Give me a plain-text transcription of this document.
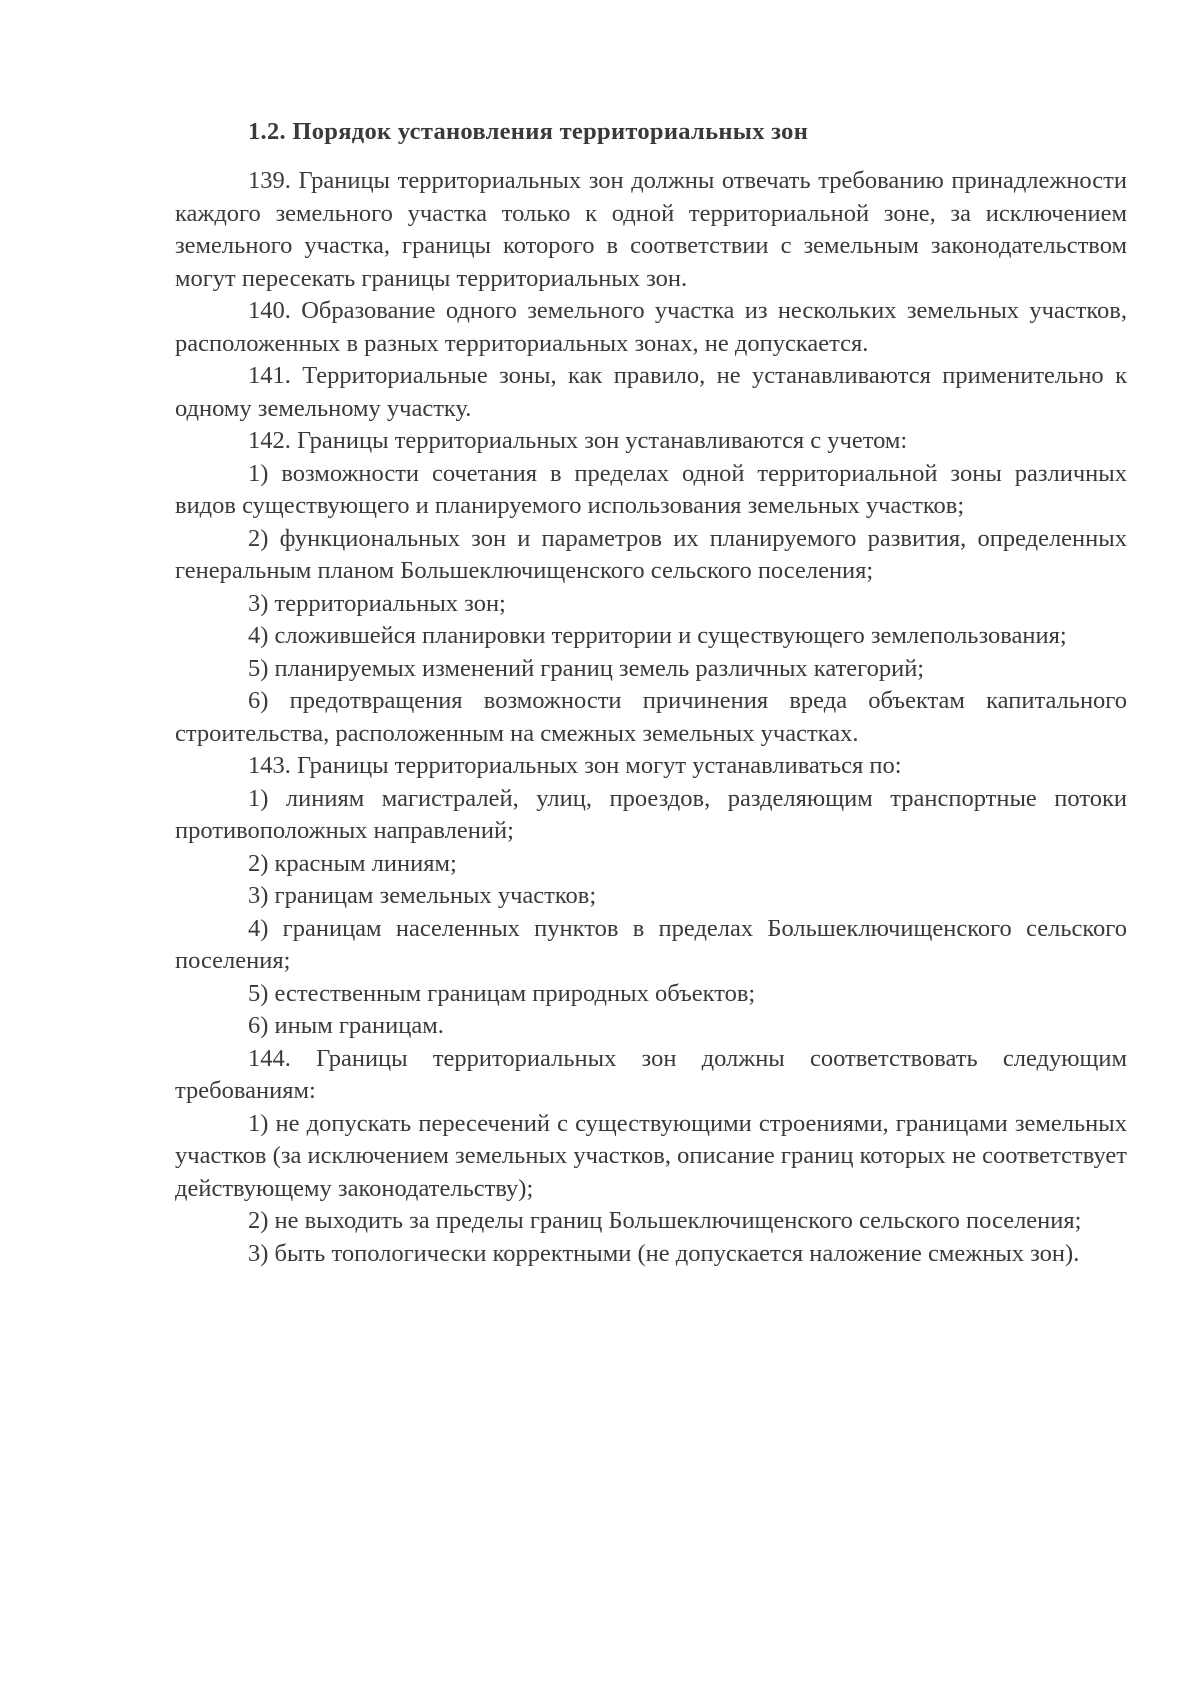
1.2. Порядок установления территориальных зон

139. Границы территориальных зон должны отвечать требованию принадлежности каждого земельного участка только к одной территориальной зоне, за исключением земельного участка, границы которого в соответствии с земельным законодательством могут пересекать границы территориальных зон.

140. Образование одного земельного участка из нескольких земельных участков, расположенных в разных территориальных зонах, не допускается.

141. Территориальные зоны, как правило, не устанавливаются применительно к одному земельному участку.

142. Границы территориальных зон устанавливаются с учетом:

1) возможности сочетания в пределах одной территориальной зоны различных видов существующего и планируемого использования земельных участков;

2) функциональных зон и параметров их планируемого развития, определенных генеральным планом Большеключищенского сельского поселения;

3) территориальных зон;

4) сложившейся планировки территории и существующего землепользования;

5) планируемых изменений границ земель различных категорий;

6) предотвращения возможности причинения вреда объектам капитального строительства, расположенным на смежных земельных участках.

143. Границы территориальных зон могут устанавливаться по:

1) линиям магистралей, улиц, проездов, разделяющим транспортные потоки противоположных направлений;

2) красным линиям;

3) границам земельных участков;

4) границам населенных пунктов в пределах Большеключищенского сельского поселения;

5) естественным границам природных объектов;

6) иным границам.

144. Границы территориальных зон должны соответствовать следующим требованиям:

1) не допускать пересечений с существующими строениями, границами земельных участков (за исключением земельных участков, описание границ которых не соответствует действующему законодательству);

2) не выходить за пределы границ Большеключищенского сельского поселения;

3) быть топологически корректными (не допускается наложение смежных зон).
